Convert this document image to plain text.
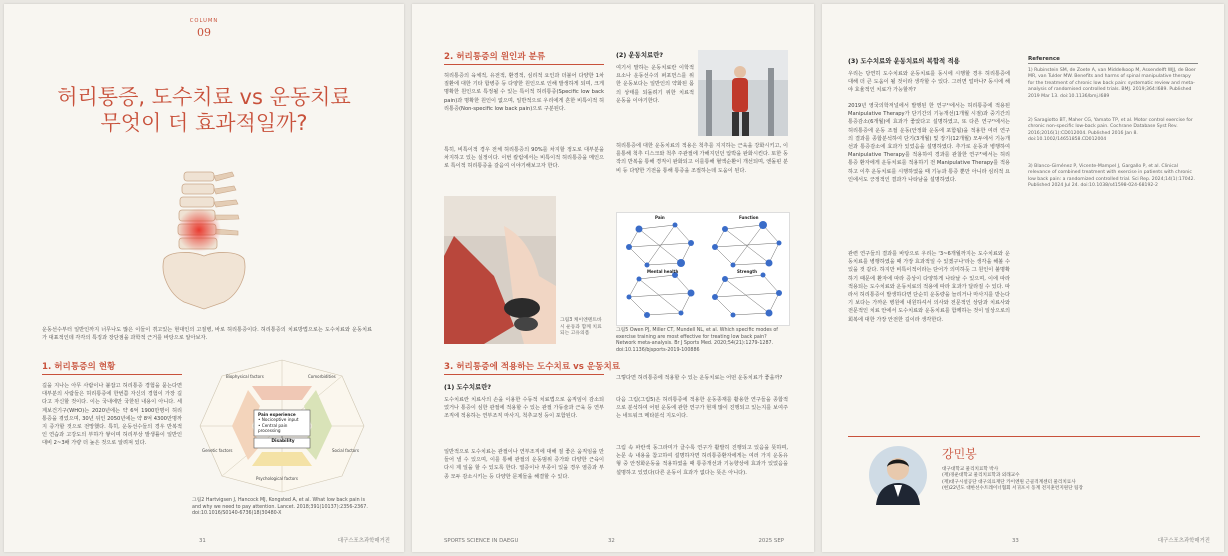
COLUMN
09
허리통증, 도수치료 vs 운동치료
무엇이 더 효과적일까?
운동선수부터 일반인까지 너무나도 많은 이들이 겪고있는 현대인의 고질병, 바로 허리통증이다. 허리통증의 치료방법으로는 도수치료와 운동치료가 대표적인데 각각의 특징과 장단점을 과학적 근거를 바탕으로 알아보자.
1. 허리통증의 현황
길을 지나는 아무 사람이나 붙잡고 허리통증 경험을 묻는다면 대부분의 사람들은 허리통증에 한번쯤 자신의 경험이 가장 길다고 자신할 것이다. 이는 국내에만 국한된 내용이 아니다. 세계보건기구(WHO)는 2020년에는 약 6억 1900만명이 허리통증을 겪었으며, 30년 뒤인 2050년에는 약 8억 4300만명까지 증가할 것으로 전망했다. 특히, 운동선수들의 경우 반복적인 연습과 고강도의 부하가 쌓이며 허리부상 발생률이 일반인 대비 2~3배 가량 더 높은 것으로 알려져 있다.
Pain experience
• Nociceptive input
• Central pain processing
Disability
Biophysical factors	Comorbidities
Social factors
Psychological factors
Genetic factors
그림2 Hartvigsen J, Hancock MJ, Kongsted A, et al. What low back pain is and why we need to pay attention. Lancet. 2018;391(10137):2356-2367. doi:10.1016/S0140-6736(18)30480-X
31	대구스포츠과학매거진
2. 허리통증의 원인과 분류
허리통증의 육체적, 유전적, 환경적, 심리적 요인과 더불어 다양한 1차 질환에 대한 기타 합병증 등 다양한 원인으로 인해 발생하게 되며, 크게 명확한 원인으로 특정될 수 있는 특이적 허리통증(Specific low back pain)과 명확한 원인이 없으며, 일반적으로 우리에게 흔한 비특이적 허리통증(Non-specific low back pain)으로 구분된다.
특히, 비특이적 경우 전체 허리통증의 90%를 차지할 정도로 대부분을 차지하고 있는 실정이다. 이번 칼럼에서는 비특이적 허리통증을 메인으로 특이적 허리통증을 갈음여 이야기해보고자 한다.
그림3 케이엔텐트바시 운동과 함께 치료되는 고유의폼
3. 허리통증에 적용하는 도수치료 vs 운동치료
(1) 도수치료란?
도수치료란 치료사의 손을 이용한 수동적 치료법으로 움직임이 감소되었거나 통증이 심한 관절에 적용할 수 있는 관절 가동술과 근육 등 연부조직에 적용하는 연부조직 마사지, 척추교정 등이 포함된다.
일반적으로 도수치료는 관절이나 연부조직에 대해 질 좋은 움직임을 만들어 낼 수 있으며, 이를 통해 관절의 운동범위 증가와 다양한 근육이 다시 제 일을 할 수 있도록 한다. 열증이나 부종이 있을 경우 염증과 부종 모두 감소시키는 등 다양한 문제들을 해결할 수 있다.
(2) 운동치료란?
여기서 말하는 운동치료란 이학적 요소나 운동선수의 퍼포먼스를 위한 운동보다는 일반인의 약화된 몸의 상태를 되돌려기 위한 치료적 운동을 이야기한다.
허리통증에 대한 운동치료의 적용은 척추를 지지하는 근육을 강화시키고, 이를통해 척추 디스크와 척추 주관절에 가해지던던 압박을 완화시킨다. 또한 동작의 반복을 통해 경직이 완화되고 이를통해 혈액순환이 개선되며, 엔돌핀 분비 등 다양한 기전을 통해 통증을 조절하는데 도움이 된다.
Pain	Function
Mental health	Strength
그림5 Owen PJ, Miller CT, Mundell NL, et al. Which specific modes of exercise training are most effective for treating low back pain? Network meta-analysis. Br J Sports Med. 2020;54(21):1279-1287. doi:10.1136/bjsports-2019-100886
그렇다면 허리통증에 적용할 수 있는 운동치료는 어떤 운동치료가 좋을까?
다음 그림(그림5)은 허리통증에 적용한 운동종재를 활용한 연구들을 종합적으로 분석하여 어떤 운동에 관한 연구가 현재 많이 진행되고 있는지를 보여주는 네트워크 메타분석 지도이다.
그림 속 파란색 동그라미가 클수록 연구가 활발히 진행되고 있음을 뜻하며, 논문 속 내용을 참고하여 설명하자면 허리통증환자에게는 여러 가지 운동유형 중 안정화운동을 적용하였을 때 통증개선과 기능향상에 효과가 있었음을 설명하고 있었다(다른 운동이 효과가 없다는 뜻은 아니다).
SPORTS SCIENCE IN DAEGU	32	2025 SEP
(3) 도수치료와 운동치료의 복합적 적용
우리는 당연히 도수치료와 운동치료를 동시에 시행할 경우 허리통증에 대해 더 큰 도움이 될 것이라 생각할 수 있다. 그러면 얼마나? 동시에 해야 효율적인 치료가 가능할까?
2019년 영국의학저널에서 발행된 한 연구¹⁾에서는 허리통증에 적용된 Manipulative Therapy가 단기간의 기능개선(1개월 시점)과 중기간의 통증감소(6개월)에 효과가 좋았다고 설명하였고, 또 다른 연구²⁾에서는 허리통증에 운동 조절 운동(안정화 운동에 포함됨)을 적용한 여러 연구의 결과를 종합분석하여 단기(3개월) 및 장기(12개월) 모두에서 기능개선과 통증감소에 효과가 있었음을 설명하였다. 추가로 운동과 병행하여 Manipulative Therapy를 적용하여 경과를 관찰한 연구³⁾에서는 허리통증 환자에게 운동치료를 적용하기 전 Manipulative Therapy를 적용하고 이후 운동치료를 시행하였을 때 기능과 통증 뿐만 아니라 심리적 요인에서도 긍정적인 결과가 나타남을 설명하였다.
관련 연구들의 결과를 바탕으로 우리는 '3~6개월까지는 도수치료와 운동치료를 병행하였을 때 가장 효과적일 수 있겠구나'라는 생각을 해볼 수 있을 것 같다. 하지만 비특이적이라는 단어가 의미하듯 그 원인이 불명확하기 때문에 환자에 따라 증상이 다양하게 나타날 수 있으며, 이에 따라 적용되는 도수치료와 운동치료의 적용에 따라 효과가 달라질 수 있다. 따라서 허리통증이 발생하다면 단순히 운동량을 늘리거나 마사지를 받는다기 보다는 가까운 병원에 내원하셔서 의사와 전문적인 상담과 치료사와 전문적인 치료 안에서 도수치료와 운동치료를 함께하는 것이 일상으로의 회복에 대한 가장 안전한 길이라 생각한다.
Reference
1) Rubinstein SM, de Zoete A, van Middelkoop M, Assendelft WJJ, de Boer MR, van Tulder MW. Benefits and harms of spinal manipulative therapy for the treatment of chronic low back pain: systematic review and meta-analysis of randomised controlled trials. BMJ. 2019;364:l689. Published 2019 Mar 13. doi:10.1136/bmj.l689
2) Saragiotto BT, Maher CG, Yamato TP, et al. Motor control exercise for chronic non-specific low-back pain. Cochrane Database Syst Rev. 2016;2016(1):CD012004. Published 2016 Jan 8. doi:10.1002/14651858.CD012004
3) Blanco-Giménez P, Vicente-Mampel J, Gargallo P, et al. Clinical relevance of combined treatment with exercise in patients with chronic low back pain: a randomized controlled trial. Sci Rep. 2024;14(1):17042. Published 2024 Jul 24. doi:10.1038/s41598-024-68192-2
강민봉
대구대학교 물리치료학 박사
(재)경운대학교 물리치료학과 외래교수
(재)대구시설공단 대구의료재단 카이엔원 근골격계센터 물리치료사
(현)22년도 대한선수트레이너협회 서귀포시 동계 전지훈련지원단 팀장
33	대구스포츠과학매거진
